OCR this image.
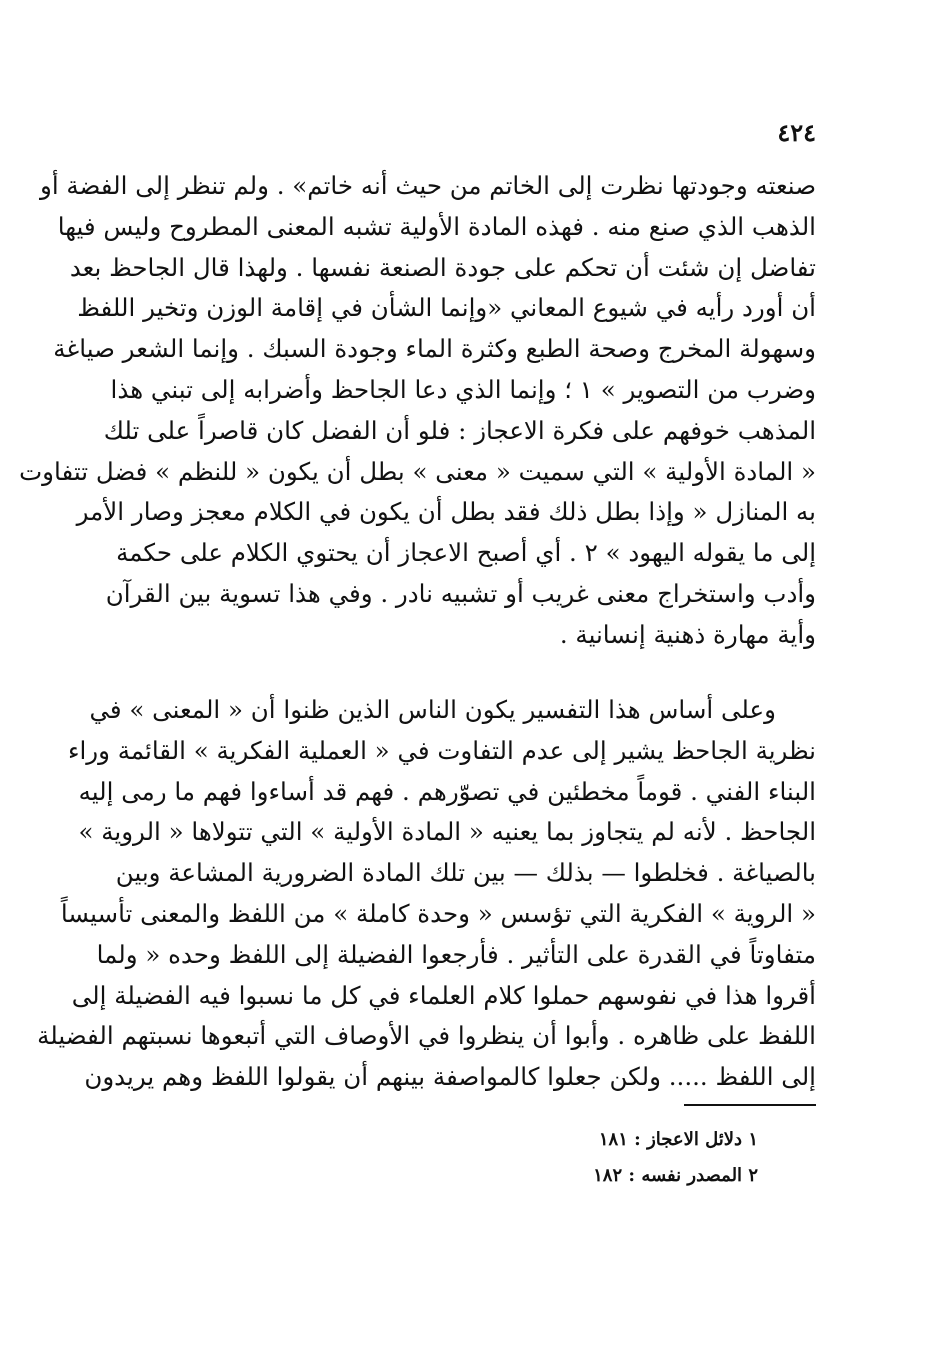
٤٢٤
صنعته وجودتها نظرت إلى الخاتم من حيث أنه خاتم» . ولم تنظر إلى الفضة أو
الذهب الذي صنع منه . فهذه المادة الأولية تشبه المعنى المطروح وليس فيها
تفاضل إن شئت أن تحكم على جودة الصنعة نفسها . ولهذا قال الجاحظ بعد
أن أورد رأيه في شيوع المعاني «وإنما الشأن في إقامة الوزن وتخير اللفظ
وسهولة المخرج وصحة الطبع وكثرة الماء وجودة السبك . وإنما الشعر صياغة
وضرب من التصوير » ١ ؛ وإنما الذي دعا الجاحظ وأضرابه إلى تبني هذا
المذهب خوفهم على فكرة الاعجاز : فلو أن الفضل كان قاصراً على تلك
« المادة الأولية » التي سميت « معنى » بطل أن يكون « للنظم » فضل تتفاوت
به المنازل « وإذا بطل ذلك فقد بطل أن يكون في الكلام معجز وصار الأمر
إلى ما يقوله اليهود » ٢ . أي أصبح الاعجاز أن يحتوي الكلام على حكمة
وأدب واستخراج معنى غريب أو تشبيه نادر . وفي هذا تسوية بين القرآن
وأية مهارة ذهنية إنسانية .
وعلى أساس هذا التفسير يكون الناس الذين ظنوا أن « المعنى » في
نظرية الجاحظ يشير إلى عدم التفاوت في « العملية الفكرية » القائمة وراء
البناء الفني . قوماً مخطئين في تصوّرهم . فهم قد أساءوا فهم ما رمى إليه
الجاحظ . لأنه لم يتجاوز بما يعنيه « المادة الأولية » التي تتولاها « الروية »
بالصياغة . فخلطوا — بذلك — بين تلك المادة الضرورية المشاعة وبين
« الروية » الفكرية التي تؤسس « وحدة كاملة » من اللفظ والمعنى تأسيساً
متفاوتاً في القدرة على التأثير . فأرجعوا الفضيلة إلى اللفظ وحده « ولما
أقروا هذا في نفوسهم حملوا كلام العلماء في كل ما نسبوا فيه الفضيلة إلى
اللفظ على ظاهره . وأبوا أن ينظروا في الأوصاف التي أتبعوها نسبتهم الفضيلة
إلى اللفظ ..... ولكن جعلوا كالمواصفة بينهم أن يقولوا اللفظ وهم يريدون
١ دلائل الاعجاز : ١٨١
٢ المصدر نفسه : ١٨٢
